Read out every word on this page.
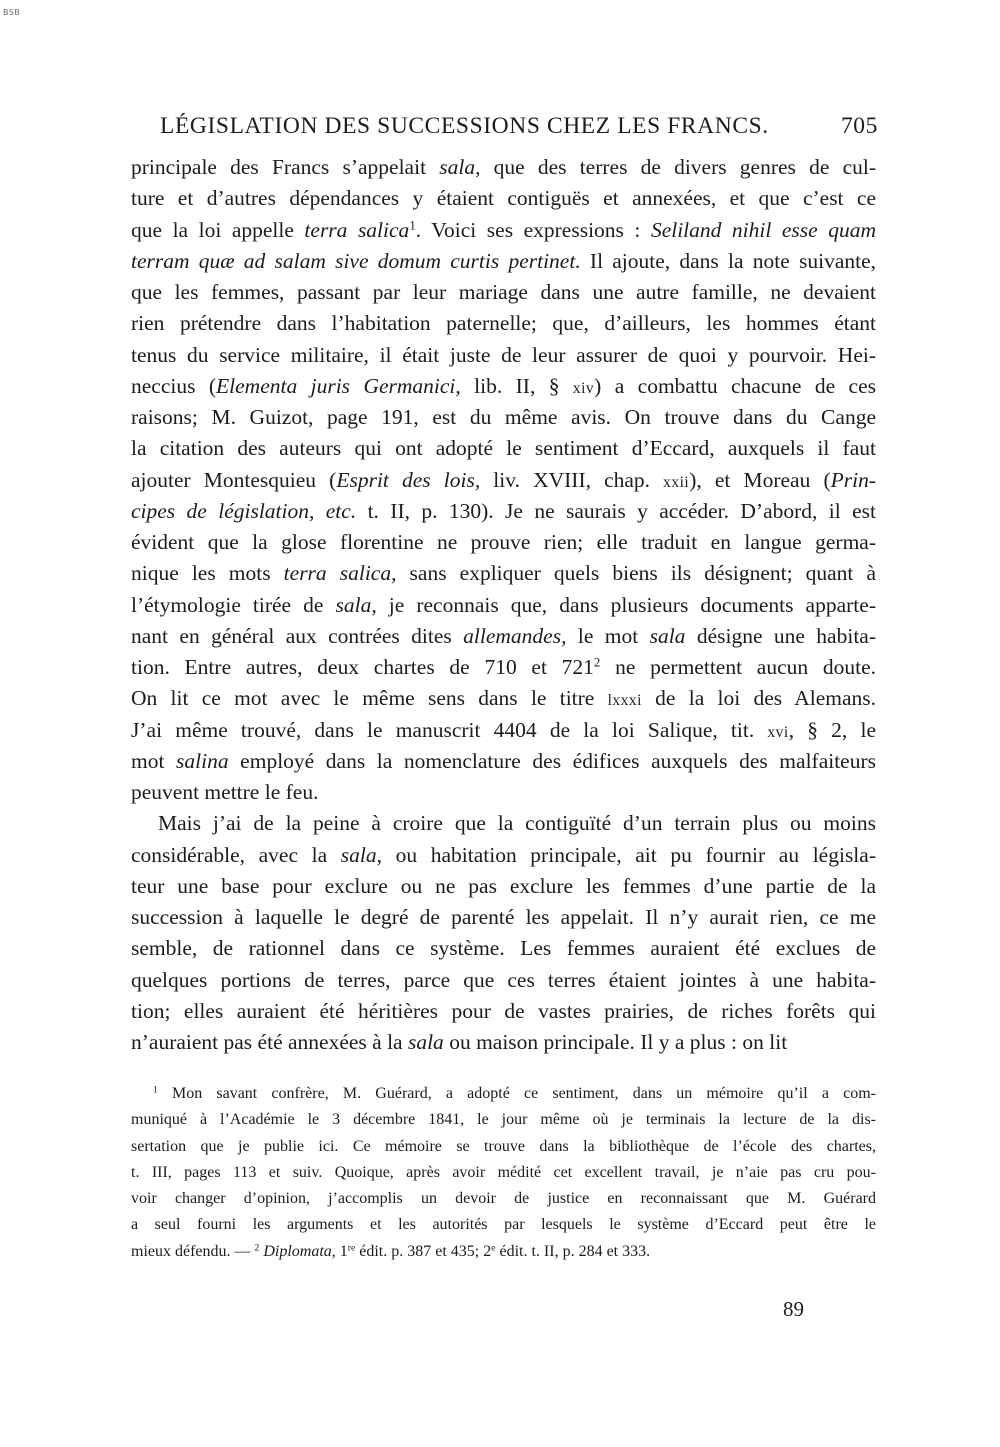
BSB
LÉGISLATION DES SUCCESSIONS CHEZ LES FRANCS.	705
principale des Francs s’appelait sala, que des terres de divers genres de cul-
ture et d’autres dépendances y étaient contiguës et annexées, et que c’est ce
que la loi appelle terra salica$^1$. Voici ses expressions : Seliland nihil esse quam
terram quæ ad salam sive domum curtis pertinet. Il ajoute, dans la note suivante,
que les femmes, passant par leur mariage dans une autre famille, ne devaient
rien prétendre dans l’habitation paternelle; que, d’ailleurs, les hommes étant
tenus du service militaire, il était juste de leur assurer de quoi y pourvoir. Hei-
neccius (Elementa juris Germanici, lib. II, § xiv) a combattu chacune de ces
raisons; M. Guizot, page 191, est du même avis. On trouve dans du Cange
la citation des auteurs qui ont adopté le sentiment d’Eccard, auxquels il faut
ajouter Montesquieu (Esprit des lois, liv. XVIII, chap. xxii), et Moreau (Prin-
cipes de législation, etc. t. II, p. 130). Je ne saurais y accéder. D’abord, il est
évident que la glose florentine ne prouve rien; elle traduit en langue germa-
nique les mots terra salica, sans expliquer quels biens ils désignent; quant à
l’étymologie tirée de sala, je reconnais que, dans plusieurs documents apparte-
nant en général aux contrées dites allemandes, le mot sala désigne une habita-
tion. Entre autres, deux chartes de 710 et $721^2$ ne permettent aucun doute.
On lit ce mot avec le même sens dans le titre lxxxi de la loi des Alemans.
J’ai même trouvé, dans le manuscrit 4404 de la loi Salique, tit. xvi, § 2, le
mot salina employé dans la nomenclature des édifices auxquels des malfaiteurs
peuvent mettre le feu.
Mais j’ai de la peine à croire que la contiguïté d’un terrain plus ou moins
considérable, avec la sala, ou habitation principale, ait pu fournir au législa-
teur une base pour exclure ou ne pas exclure les femmes d’une partie de la
succession à laquelle le degré de parenté les appelait. Il n’y aurait rien, ce me
semble, de rationnel dans ce système. Les femmes auraient été exclues de
quelques portions de terres, parce que ces terres étaient jointes à une habita-
tion; elles auraient été héritières pour de vastes prairies, de riches forêts qui
n’auraient pas été annexées à la sala ou maison principale. Il y a plus : on lit
$^1$ Mon savant confrère, M. Guérard, a adopté ce sentiment, dans un mémoire qu’il a com-
muniqué à l’Académie le 3 décembre 1841, le jour même où je terminais la lecture de la dis-
sertation que je publie ici. Ce mémoire se trouve dans la bibliothèque de l’école des chartes,
t. III, pages 113 et suiv. Quoique, après avoir médité cet excellent travail, je n’aie pas cru pou-
voir changer d’opinion, j’accomplis un devoir de justice en reconnaissant que M. Guérard
a seul fourni les arguments et les autorités par lesquels le système d’Eccard peut être le
mieux défendu. — $^2$ Diplomata, 1re édit. p. 387 et 435; 2e édit. t. II, p. 284 et 333.
89
